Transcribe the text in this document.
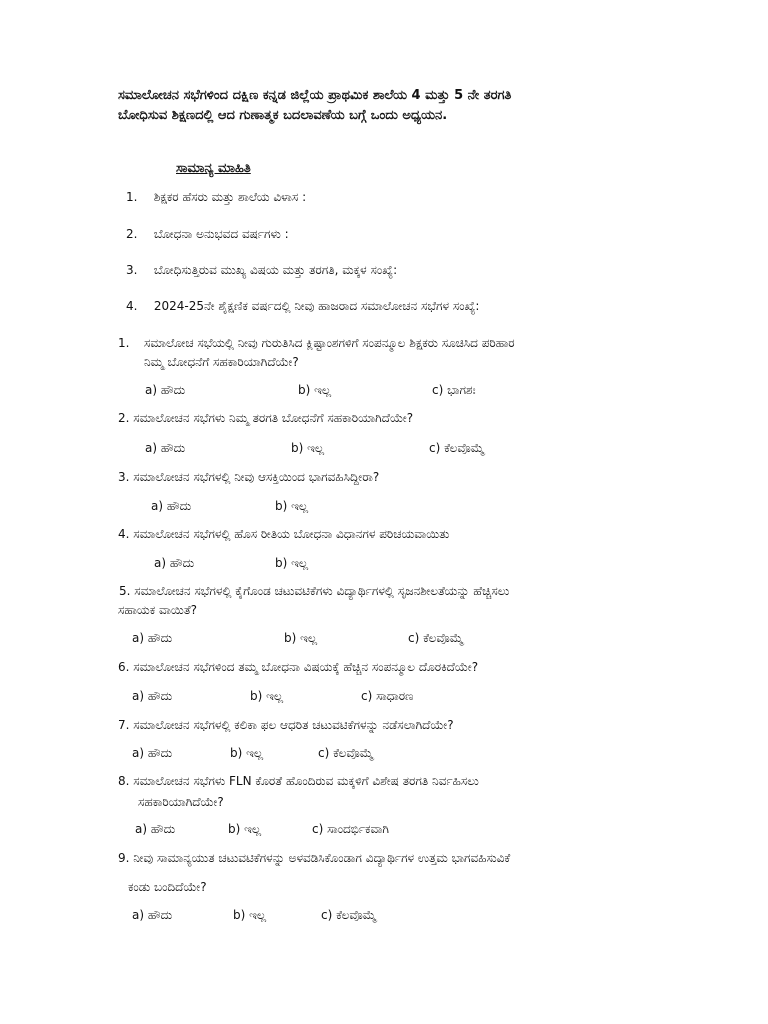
ಸಮಾಲೋಚನ ಸಭೆಗಳಿಂದ ದಕ್ಷಿಣ ಕನ್ನಡ ಜಿಲ್ಲೆಯ ಪ್ರಾಥಮಿಕ ಶಾಲೆಯ 4 ಮತ್ತು 5 ನೇ ತರಗತಿ
ಬೋಧಿಸುವ ಶಿಕ್ಷಣದಲ್ಲಿ ಆದ ಗುಣಾತ್ಮಕ ಬದಲಾವಣೆಯ ಬಗ್ಗೆ ಒಂದು ಅಧ್ಯಯನ.
ಸಾಮಾನ್ಯ ಮಾಹಿತಿ
1. ಶಿಕ್ಷಕರ ಹೆಸರು ಮತ್ತು ಶಾಲೆಯ ವಿಳಾಸ :
2. ಬೋಧನಾ ಅನುಭವದ ವರ್ಷಗಳು :
3. ಬೋಧಿಸುತ್ತಿರುವ ಮುಖ್ಯ ವಿಷಯ ಮತ್ತು ತರಗತಿ, ಮಕ್ಕಳ ಸಂಖ್ಯೆ:
4. 2024-25ನೇ ಶೈಕ್ಷಣಿಕ ವರ್ಷದಲ್ಲಿ ನೀವು ಹಾಜರಾದ ಸಮಾಲೋಚನ ಸಭೆಗಳ ಸಂಖ್ಯೆ:
1. ಸಮಾಲೋಚ ಸಭೆಯಲ್ಲಿ ನೀವು ಗುರುತಿಸಿದ ಕ್ಲಿಷ್ಟಾಂಶಗಳಿಗೆ ಸಂಪನ್ಮೂಲ ಶಿಕ್ಷಕರು ಸೂಚಿಸಿದ ಪರಿಹಾರ
ನಿಮ್ಮ ಬೋಧನೆಗೆ ಸಹಕಾರಿಯಾಗಿದೆಯೇ?
a) ಹೌದು	b) ಇಲ್ಲ	c) ಭಾಗಶಃ
2. ಸಮಾಲೋಚನ ಸಭೆಗಳು ನಿಮ್ಮ ತರಗತಿ ಬೋಧನೆಗೆ ಸಹಕಾರಿಯಾಗಿದೆಯೇ?
a) ಹೌದು	b) ಇಲ್ಲ	c) ಕೆಲವೊಮ್ಮೆ
3. ಸಮಾಲೋಚನ ಸಭೆಗಳಲ್ಲಿ ನೀವು ಆಸಕ್ತಿಯಿಂದ ಭಾಗವಹಿಸಿದ್ದೀರಾ?
a) ಹೌದು	b) ಇಲ್ಲ
4. ಸಮಾಲೋಚನ ಸಭೆಗಳಲ್ಲಿ ಹೊಸ ರೀತಿಯ ಬೋಧನಾ ವಿಧಾನಗಳ ಪರಿಚಯವಾಯಿತು
a) ಹೌದು	b) ಇಲ್ಲ
5. ಸಮಾಲೋಚನ ಸಭೆಗಳಲ್ಲಿ ಕೈಗೊಂಡ ಚಟುವಟಿಕೆಗಳು ವಿದ್ಯಾರ್ಥಿಗಳಲ್ಲಿ ಸೃಜನಶೀಲತೆಯನ್ನು ಹೆಚ್ಚಿಸಲು
ಸಹಾಯಕ ವಾಯಿತೆ?
a) ಹೌದು	b) ಇಲ್ಲ	c) ಕೆಲವೊಮ್ಮೆ
6. ಸಮಾಲೋಚನ ಸಭೆಗಳಿಂದ ತಮ್ಮ ಬೋಧನಾ ವಿಷಯಕ್ಕೆ ಹೆಚ್ಚಿನ ಸಂಪನ್ಮೂಲ ದೊರಕಿದೆಯೇ?
a) ಹೌದು	b) ಇಲ್ಲ	c) ಸಾಧಾರಣ
7. ಸಮಾಲೋಚನ ಸಭೆಗಳಲ್ಲಿ ಕಲಿಕಾ ಫಲ ಆಧರಿತ ಚಟುವಟಿಕೆಗಳನ್ನು ನಡೆಸಲಾಗಿದೆಯೇ?
a) ಹೌದು	b) ಇಲ್ಲ	c) ಕೆಲವೊಮ್ಮೆ
8. ಸಮಾಲೋಚನ ಸಭೆಗಳು FLN ಕೊರತೆ ಹೊಂದಿರುವ ಮಕ್ಕಳಿಗೆ ವಿಶೇಷ ತರಗತಿ ನಿರ್ವಹಿಸಲು
ಸಹಕಾರಿಯಾಗಿದೆಯೇ?
a) ಹೌದು	b) ಇಲ್ಲ	c) ಸಾಂದರ್ಭಿಕವಾಗಿ
9. ನೀವು ಸಾಮಾನ್ಯಯುತ ಚಟುವಟಿಕೆಗಳನ್ನು ಅಳವಡಿಸಿಕೊಂಡಾಗ ವಿದ್ಯಾರ್ಥಿಗಳ ಉತ್ತಮ ಭಾಗವಹಿಸುವಿಕೆ
ಕಂಡು ಬಂದಿದೆಯೇ?
a) ಹೌದು	b) ಇಲ್ಲ	c) ಕೆಲವೊಮ್ಮೆ
